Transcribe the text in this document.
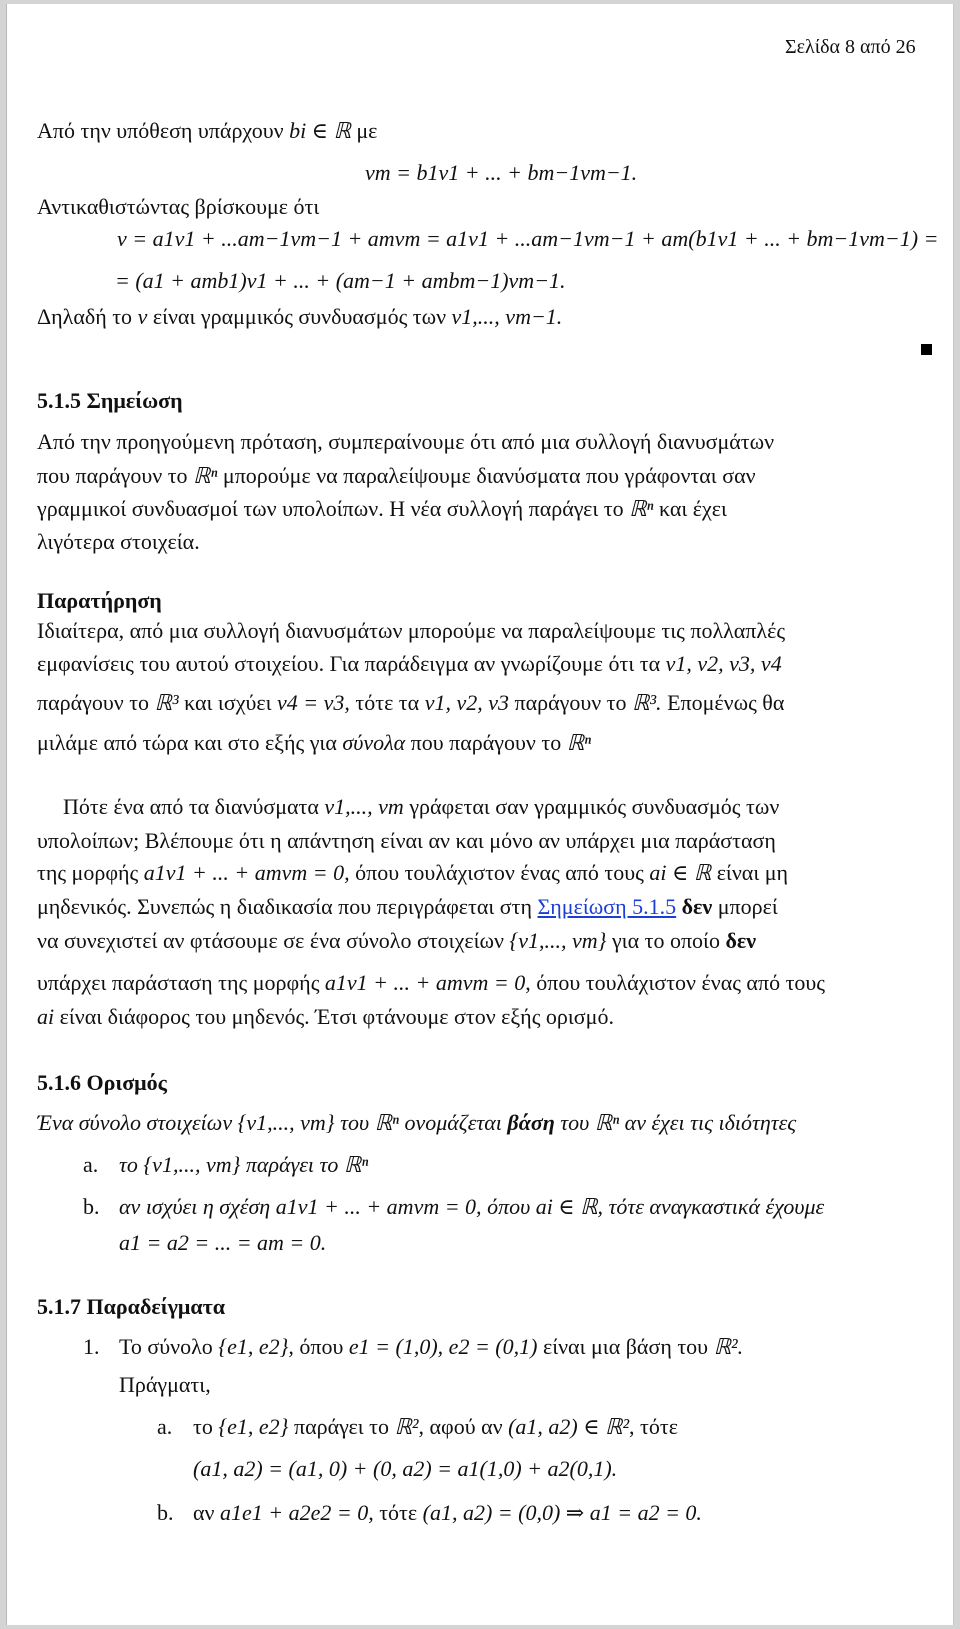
Σελίδα 8 από 26
Από την υπόθεση υπάρχουν bi ∈ ℝ με
vm = b1v1 + ... + bm−1vm−1.
Αντικαθιστώντας βρίσκουμε ότι
v = a1v1 + ...am−1vm−1 + amvm = a1v1 + ...am−1vm−1 + am(b1v1 + ... + bm−1vm−1) =
= (a1 + amb1)v1 + ... + (am−1 + ambm−1)vm−1.
Δηλαδή το v είναι γραμμικός συνδυασμός των v1,..., vm−1.
5.1.5 Σημείωση
Από την προηγούμενη πρόταση, συμπεραίνουμε ότι από μια συλλογή διανυσμάτων
που παράγουν το ℝⁿ μπορούμε να παραλείψουμε διανύσματα που γράφονται σαν
γραμμικοί συνδυασμοί των υπολοίπων. Η νέα συλλογή παράγει το ℝⁿ και έχει
λιγότερα στοιχεία.
Παρατήρηση
Ιδιαίτερα, από μια συλλογή διανυσμάτων μπορούμε να παραλείψουμε τις πολλαπλές
εμφανίσεις του αυτού στοιχείου. Για παράδειγμα αν γνωρίζουμε ότι τα v1, v2, v3, v4
παράγουν το ℝ³ και ισχύει v4 = v3, τότε τα v1, v2, v3 παράγουν το ℝ³. Επομένως θα
μιλάμε από τώρα και στο εξής για σύνολα που παράγουν το ℝⁿ
Πότε ένα από τα διανύσματα v1,..., vm γράφεται σαν γραμμικός συνδυασμός των
υπολοίπων; Βλέπουμε ότι η απάντηση είναι αν και μόνο αν υπάρχει μια παράσταση
της μορφής a1v1 + ... + amvm = 0, όπου τουλάχιστον ένας από τους ai ∈ ℝ είναι μη
μηδενικός. Συνεπώς η διαδικασία που περιγράφεται στη Σημείωση 5.1.5 δεν μπορεί
να συνεχιστεί αν φτάσουμε σε ένα σύνολο στοιχείων {v1,..., vm} για το οποίο δεν
υπάρχει παράσταση της μορφής a1v1 + ... + amvm = 0, όπου τουλάχιστον ένας από τους
ai είναι διάφορος του μηδενός. Έτσι φτάνουμε στον εξής ορισμό.
5.1.6 Ορισμός
Ένα σύνολο στοιχείων {v1,..., vm} του ℝⁿ ονομάζεται βάση του ℝⁿ αν έχει τις ιδιότητες
a. το {v1,..., vm} παράγει το ℝⁿ
b. αν ισχύει η σχέση a1v1 + ... + amvm = 0, όπου ai ∈ ℝ, τότε αναγκαστικά έχουμε
a1 = a2 = ... = am = 0.
5.1.7 Παραδείγματα
1. Το σύνολο {e1, e2}, όπου e1 = (1,0), e2 = (0,1) είναι μια βάση του ℝ².
Πράγματι,
a. το {e1, e2} παράγει το ℝ², αφού αν (a1, a2) ∈ ℝ², τότε
(a1, a2) = (a1, 0) + (0, a2) = a1(1,0) + a2(0,1).
b. αν a1e1 + a2e2 = 0, τότε (a1, a2) = (0,0) ⇒ a1 = a2 = 0.
